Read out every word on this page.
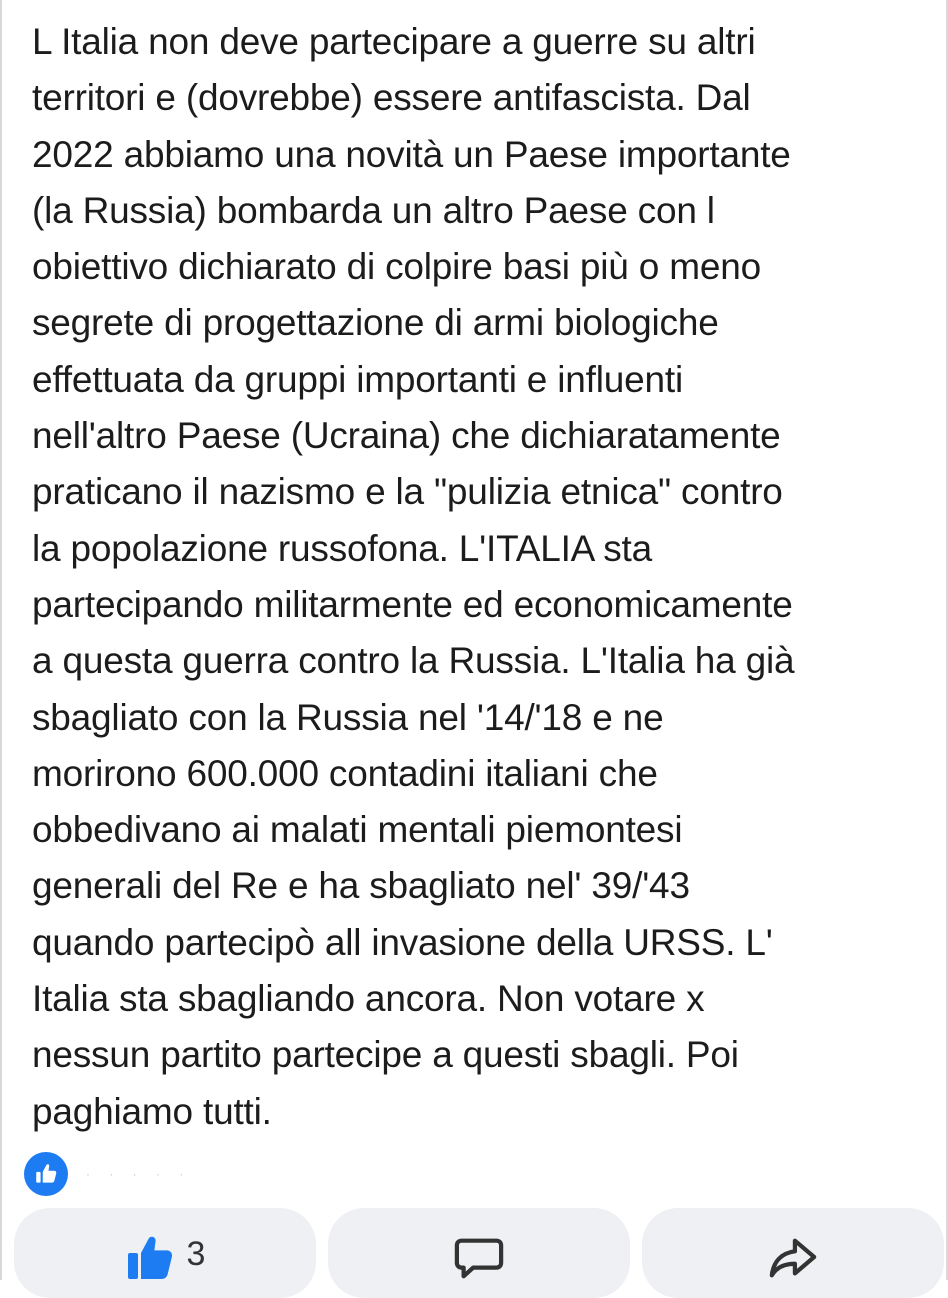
L Italia non deve partecipare a guerre su altri
territori e (dovrebbe) essere antifascista. Dal
2022 abbiamo una novità un Paese importante
(la Russia) bombarda un altro Paese con l
obiettivo dichiarato di colpire basi più o meno
segrete di progettazione di armi biologiche
effettuata da gruppi importanti e influenti
nell'altro Paese (Ucraina) che dichiaratamente
praticano il nazismo e la "pulizia etnica" contro
la popolazione russofona. L'ITALIA sta
partecipando militarmente ed economicamente
a questa guerra contro la Russia. L'Italia ha già
sbagliato con la Russia nel '14/'18 e ne
morirono 600.000 contadini italiani che
obbedivano ai malati mentali piemontesi
generali del Re e ha sbagliato nel' 39/'43
quando partecipò all invasione della URSS. L'
Italia sta sbagliando ancora. Non votare x
nessun partito partecipe a questi sbagli. Poi
paghiamo tutti.

· · · · ·
3
